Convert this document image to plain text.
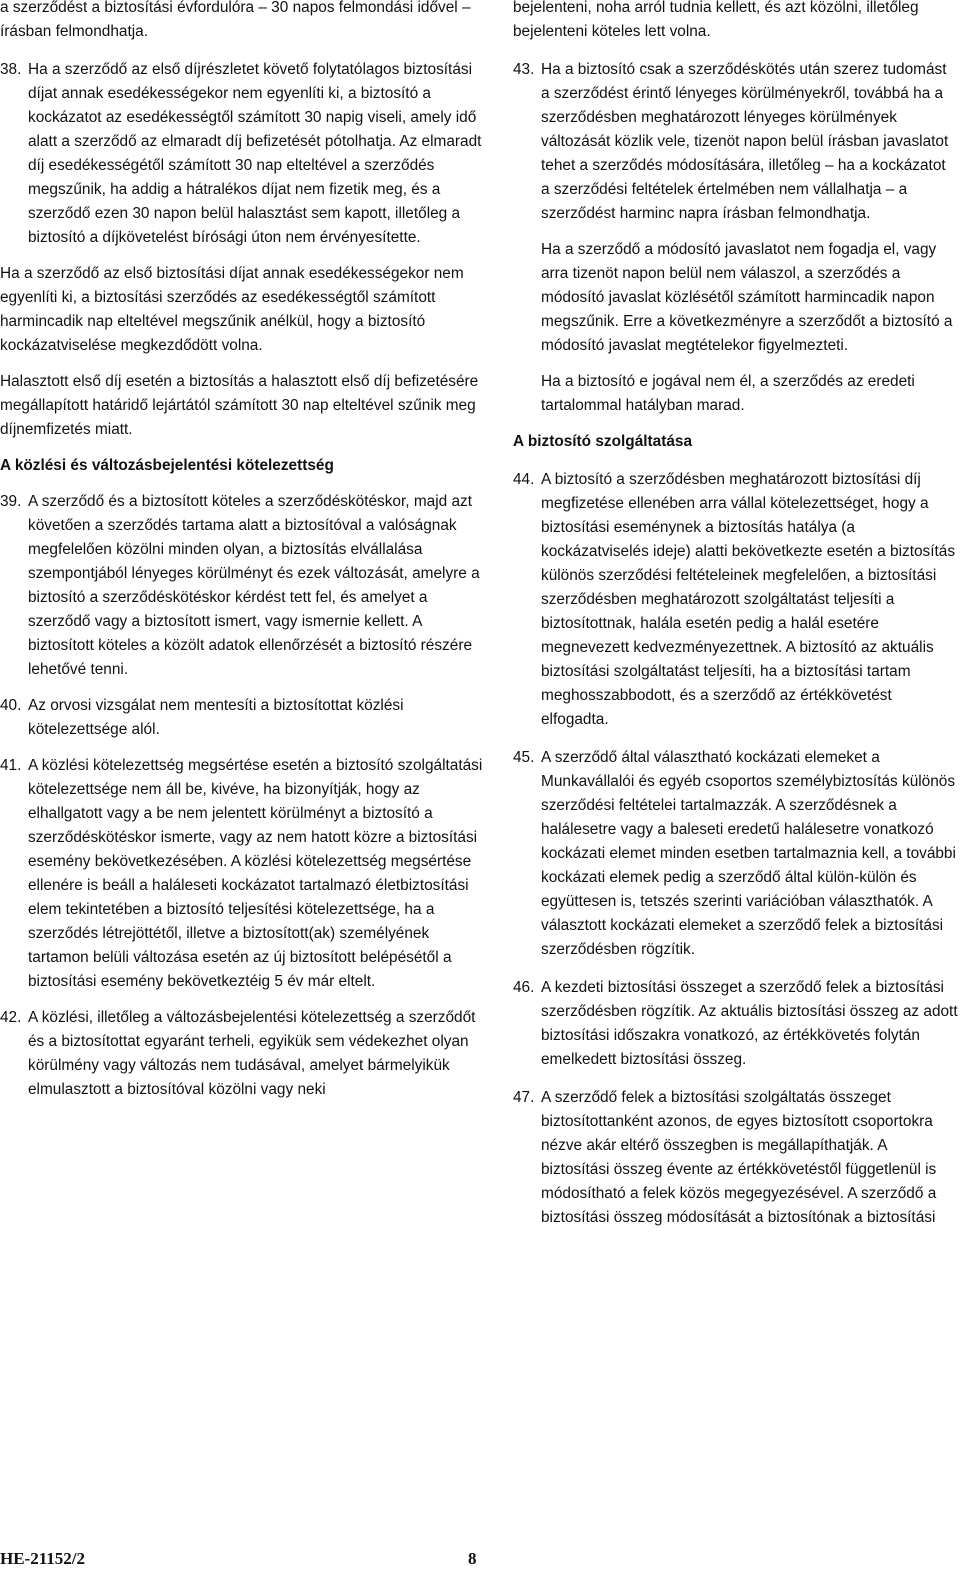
a szerződést a biztosítási évfordulóra – 30 napos felmondási idővel – írásban felmondhatja.

38. Ha a szerződő az első díjrészletet követő folytatólagos biztosítási díjat annak esedékességekor nem egyenlíti ki, a biztosító a kockázatot az esedékességtől számított 30 napig viseli, amely idő alatt a szerződő az elmaradt díj befizetését pótolhatja. Az elmaradt díj esedékességétől számított 30 nap elteltével a szerződés megszűnik, ha addig a hátralékos díjat nem fizetik meg, és a szerződő ezen 30 napon belül halasztást sem kapott, illetőleg a biztosító a díjkövetelést bírósági úton nem érvényesítette.

Ha a szerződő az első biztosítási díjat annak esedékességekor nem egyenlíti ki, a biztosítási szerződés az esedékességtől számított harmincadik nap elteltével megszűnik anélkül, hogy a biztosító kockázatviselése megkezdődött volna.

Halasztott első díj esetén a biztosítás a halasztott első díj befizetésére megállapított határidő lejártától számított 30 nap elteltével szűnik meg díjnemfizetés miatt.

A közlési és változásbejelentési kötelezettség

39. A szerződő és a biztosított köteles a szerződéskötéskor, majd azt követően a szerződés tartama alatt a biztosítóval a valóságnak megfelelően közölni minden olyan, a biztosítás elvállalása szempontjából lényeges körülményt és ezek változását, amelyre a biztosító a szerződéskötéskor kérdést tett fel, és amelyet a szerződő vagy a biztosított ismert, vagy ismernie kellett. A biztosított köteles a közölt adatok ellenőrzését a biztosító részére lehetővé tenni.
40. Az orvosi vizsgálat nem mentesíti a biztosítottat közlési kötelezettsége alól.
41. A közlési kötelezettség megsértése esetén a biztosító szolgáltatási kötelezettsége nem áll be, kivéve, ha bizonyítják, hogy az elhallgatott vagy a be nem jelentett körülményt a biztosító a szerződéskötéskor ismerte, vagy az nem hatott közre a biztosítási esemény bekövetkezésében. A közlési kötelezettség megsértése ellenére is beáll a haláleseti kockázatot tartalmazó életbiztosítási elem tekintetében a biztosító teljesítési kötelezettsége, ha a szerződés létrejöttétől, illetve a biztosított(ak) személyének tartamon belüli változása esetén az új biztosított belépésétől a biztosítási esemény bekövetkeztéig 5 év már eltelt.
42. A közlési, illetőleg a változásbejelentési kötelezettség a szerződőt és a biztosítottat egyaránt terheli, egyikük sem védekezhet olyan körülmény vagy változás nem tudásával, amelyet bármelyikük elmulasztott a biztosítóval közölni vagy neki

bejelenteni, noha arról tudnia kellett, és azt közölni, illetőleg bejelenteni köteles lett volna.

43. Ha a biztosító csak a szerződéskötés után szerez tudomást a szerződést érintő lényeges körülményekről, továbbá ha a szerződésben meghatározott lényeges körülmények változását közlik vele, tizenöt napon belül írásban javaslatot tehet a szerződés módosítására, illetőleg – ha a kockázatot a szerződési feltételek értelmében nem vállalhatja – a szerződést harminc napra írásban felmondhatja.

Ha a szerződő a módosító javaslatot nem fogadja el, vagy arra tizenöt napon belül nem válaszol, a szerződés a módosító javaslat közlésétől számított harmincadik napon megszűnik. Erre a következményre a szerződőt a biztosító a módosító javaslat megtételekor figyelmezteti.

Ha a biztosító e jogával nem él, a szerződés az eredeti tartalommal hatályban marad.

A biztosító szolgáltatása

44. A biztosító a szerződésben meghatározott biztosítási díj megfizetése ellenében arra vállal kötelezettséget, hogy a biztosítási eseménynek a biztosítás hatálya (a kockázatviselés ideje) alatti bekövetkezte esetén a biztosítás különös szerződési feltételeinek megfelelően, a biztosítási szerződésben meghatározott szolgáltatást teljesíti a biztosítottnak, halála esetén pedig a halál esetére megnevezett kedvezményezettnek. A biztosító az aktuális biztosítási szolgáltatást teljesíti, ha a biztosítási tartam meghosszabbodott, és a szerződő az értékkövetést elfogadta.
45. A szerződő által választható kockázati elemeket a Munkavállalói és egyéb csoportos személybiztosítás különös szerződési feltételei tartalmazzák. A szerződésnek a halálesetre vagy a baleseti eredetű halálesetre vonatkozó kockázati elemet minden esetben tartalmaznia kell, a további kockázati elemek pedig a szerződő által külön-külön és együttesen is, tetszés szerinti variációban választhatók. A választott kockázati elemeket a szerződő felek a biztosítási szerződésben rögzítik.
46. A kezdeti biztosítási összeget a szerződő felek a biztosítási szerződésben rögzítik. Az aktuális biztosítási összeg az adott biztosítási időszakra vonatkozó, az értékkövetés folytán emelkedett biztosítási összeg.
47. A szerződő felek a biztosítási szolgáltatás összeget biztosítottanként azonos, de egyes biztosított csoportokra nézve akár eltérő összegben is megállapíthatják. A biztosítási összeg évente az értékkövetéstől függetlenül is módosítható a felek közös megegyezésével. A szerződő a biztosítási összeg módosítását a biztosítónak a biztosítási
HE-21152/2	8
